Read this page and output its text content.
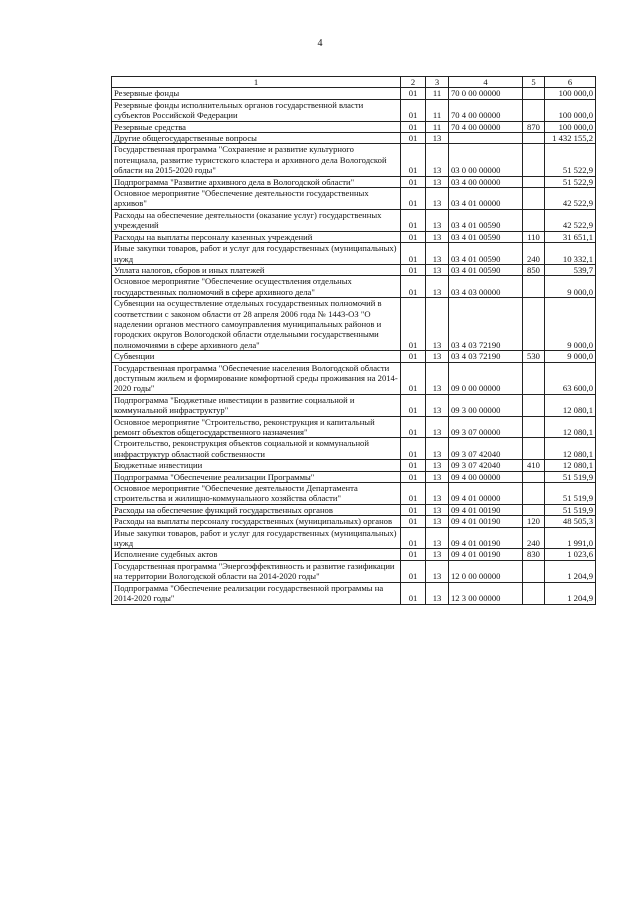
4
1	2	3	4	5	6
Резервные фонды	01	11	70 0 00 00000		100 000,0
Резервные фонды исполнительных органов государственной власти субъектов Российской Федерации	01	11	70 4 00 00000		100 000,0
Резервные средства	01	11	70 4 00 00000	870	100 000,0
Другие общегосударственные вопросы	01	13			1 432 155,2
Государственная программа "Сохранение и развитие культурного потенциала, развитие туристского кластера и архивного дела Вологодской области на 2015-2020 годы"	01	13	03 0 00 00000		51 522,9
Подпрограмма "Развитие архивного дела в Вологодской области"	01	13	03 4 00 00000		51 522,9
Основное мероприятие "Обеспечение деятельности государственных архивов"	01	13	03 4 01 00000		42 522,9
Расходы на обеспечение деятельности (оказание услуг) государственных учреждений	01	13	03 4 01 00590		42 522,9
Расходы на выплаты персоналу казенных учреждений	01	13	03 4 01 00590	110	31 651,1
Иные закупки товаров, работ и услуг для государственных (муниципальных) нужд	01	13	03 4 01 00590	240	10 332,1
Уплата налогов, сборов и иных платежей	01	13	03 4 01 00590	850	539,7
Основное мероприятие "Обеспечение осуществления отдельных государственных полномочий в сфере архивного дела"	01	13	03 4 03 00000		9 000,0
Субвенции на осуществление отдельных государственных полномочий в соответствии с законом области от 28 апреля 2006 года № 1443-ОЗ "О наделении органов местного самоуправления муниципальных районов и городских округов Вологодской области отдельными государственными полномочиями в сфере архивного дела"	01	13	03 4 03 72190		9 000,0
Субвенции	01	13	03 4 03 72190	530	9 000,0
Государственная программа "Обеспечение населения Вологодской области доступным жильем и формирование комфортной среды проживания на 2014-2020 годы"	01	13	09 0 00 00000		63 600,0
Подпрограмма "Бюджетные инвестиции в развитие социальной и коммунальной инфраструктур"	01	13	09 3 00 00000		12 080,1
Основное мероприятие "Строительство, реконструкция и капитальный ремонт объектов общегосударственного назначения"	01	13	09 3 07 00000		12 080,1
Строительство, реконструкция объектов социальной и коммунальной инфраструктур областной собственности	01	13	09 3 07 42040		12 080,1
Бюджетные инвестиции	01	13	09 3 07 42040	410	12 080,1
Подпрограмма "Обеспечение реализации Программы"	01	13	09 4 00 00000		51 519,9
Основное мероприятие "Обеспечение деятельности Департамента строительства и жилищно-коммунального хозяйства области"	01	13	09 4 01 00000		51 519,9
Расходы на обеспечение функций государственных органов	01	13	09 4 01 00190		51 519,9
Расходы на выплаты персоналу государственных (муниципальных) органов	01	13	09 4 01 00190	120	48 505,3
Иные закупки товаров, работ и услуг для государственных (муниципальных) нужд	01	13	09 4 01 00190	240	1 991,0
Исполнение судебных актов	01	13	09 4 01 00190	830	1 023,6
Государственная программа "Энергоэффективность и развитие газификации на территории Вологодской области на 2014-2020 годы"	01	13	12 0 00 00000		1 204,9
Подпрограмма "Обеспечение реализации государственной программы на 2014-2020 годы"	01	13	12 3 00 00000		1 204,9
